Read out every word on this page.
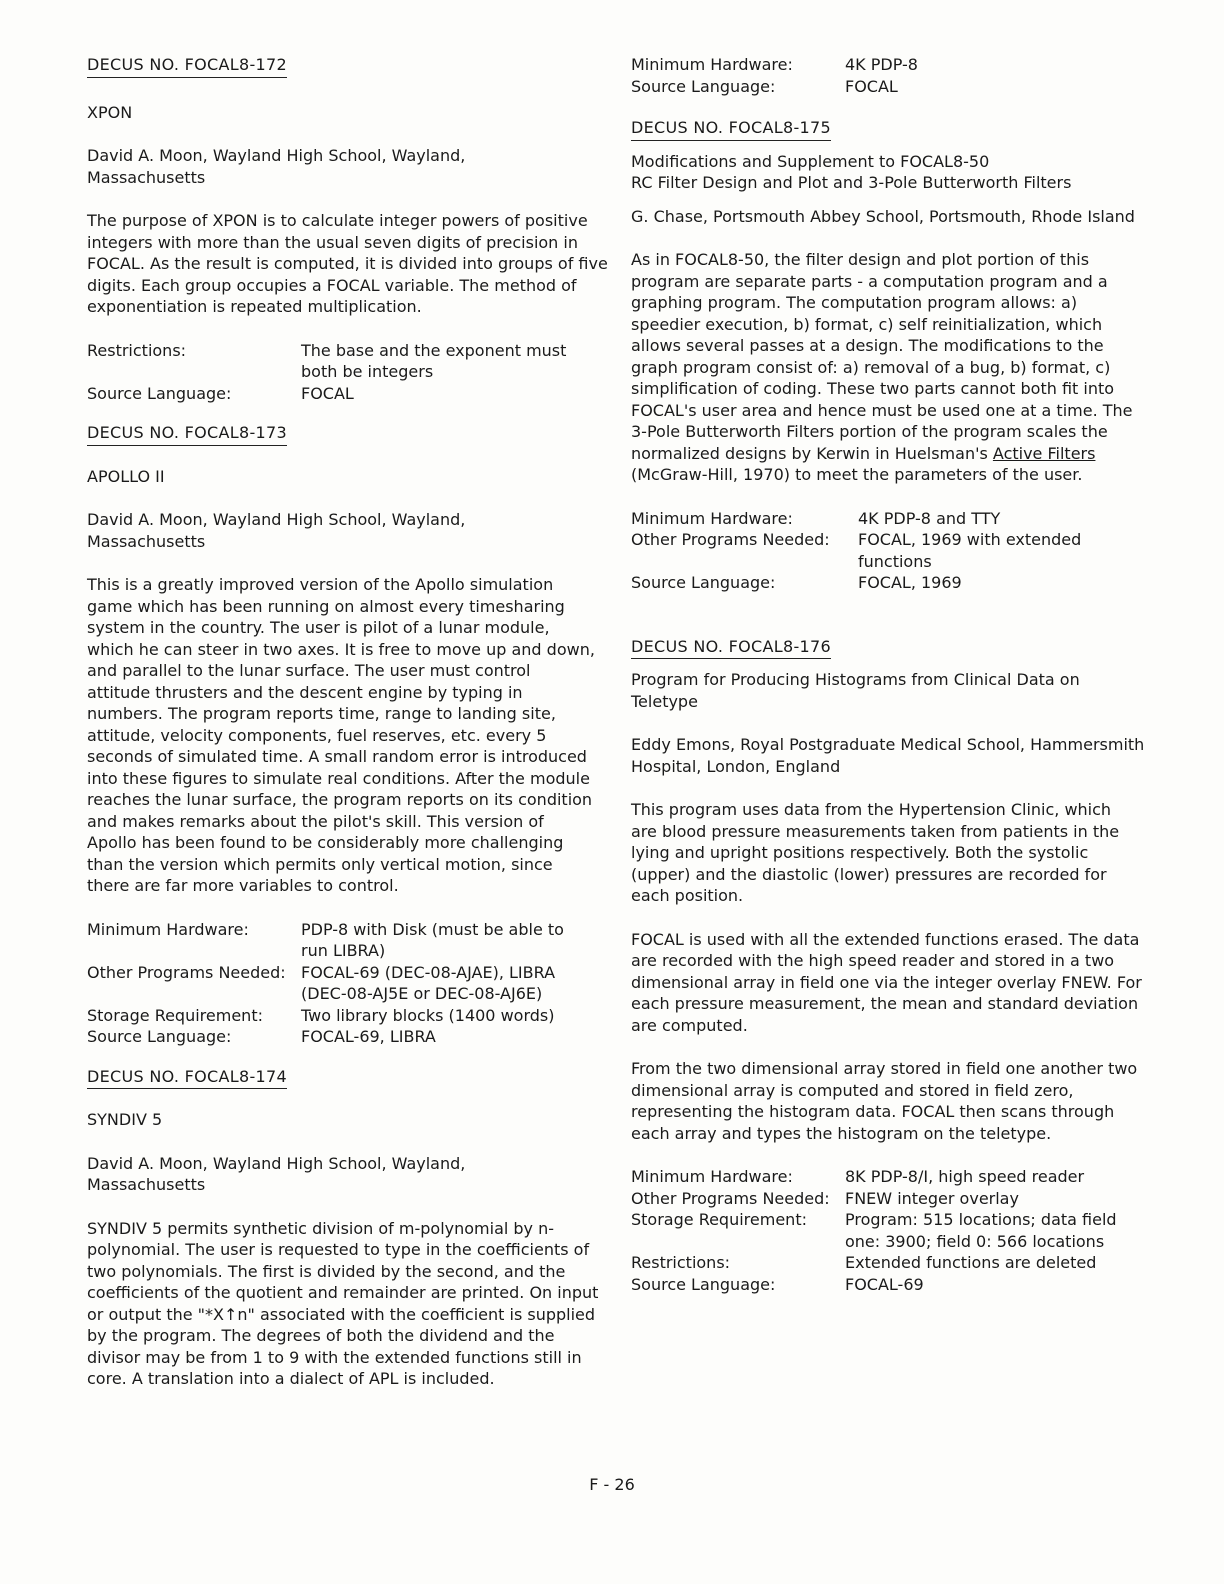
DECUS NO. FOCAL8-172

XPON

David A. Moon, Wayland High School, Wayland, Massachusetts

The purpose of XPON is to calculate integer powers of positive integers with more than the usual seven digits of precision in FOCAL. As the result is computed, it is divided into groups of five digits. Each group occupies a FOCAL variable. The method of exponentiation is repeated multiplication.

Restrictions:	The base and the exponent must both be integers
Source Language:	FOCAL
DECUS NO. FOCAL8-173

APOLLO II

David A. Moon, Wayland High School, Wayland, Massachusetts

This is a greatly improved version of the Apollo simulation game which has been running on almost every timesharing system in the country. The user is pilot of a lunar module, which he can steer in two axes. It is free to move up and down, and parallel to the lunar surface. The user must control attitude thrusters and the descent engine by typing in numbers. The program reports time, range to landing site, attitude, velocity components, fuel reserves, etc. every 5 seconds of simulated time. A small random error is introduced into these figures to simulate real conditions. After the module reaches the lunar surface, the program reports on its condition and makes remarks about the pilot's skill. This version of Apollo has been found to be considerably more challenging than the version which permits only vertical motion, since there are far more variables to control.

Minimum Hardware:	PDP-8 with Disk (must be able to run LIBRA)
Other Programs Needed:	FOCAL-69 (DEC-08-AJAE), LIBRA (DEC-08-AJ5E or DEC-08-AJ6E)
Storage Requirement:	Two library blocks (1400 words)
Source Language:	FOCAL-69, LIBRA
DECUS NO. FOCAL8-174

SYNDIV 5

David A. Moon, Wayland High School, Wayland, Massachusetts

SYNDIV 5 permits synthetic division of m-polynomial by n-polynomial. The user is requested to type in the coefficients of two polynomials. The first is divided by the second, and the coefficients of the quotient and remainder are printed. On input or output the "*X↑n" associated with the coefficient is supplied by the program. The degrees of both the dividend and the divisor may be from 1 to 9 with the extended functions still in core. A translation into a dialect of APL is included.

Minimum Hardware:	4K PDP-8
Source Language:	FOCAL
DECUS NO. FOCAL8-175

Modifications and Supplement to FOCAL8-50

RC Filter Design and Plot and 3-Pole Butterworth Filters

G. Chase, Portsmouth Abbey School, Portsmouth, Rhode Island

As in FOCAL8-50, the filter design and plot portion of this program are separate parts - a computation program and a graphing program. The computation program allows: a) speedier execution, b) format, c) self reinitialization, which allows several passes at a design. The modifications to the graph program consist of: a) removal of a bug, b) format, c) simplification of coding. These two parts cannot both fit into FOCAL's user area and hence must be used one at a time. The 3-Pole Butterworth Filters portion of the program scales the normalized designs by Kerwin in Huelsman's Active Filters (McGraw-Hill, 1970) to meet the parameters of the user.

Minimum Hardware:	4K PDP-8 and TTY
Other Programs Needed:	FOCAL, 1969 with extended functions
Source Language:	FOCAL, 1969
DECUS NO. FOCAL8-176

Program for Producing Histograms from Clinical Data on Teletype

Eddy Emons, Royal Postgraduate Medical School, Hammersmith Hospital, London, England

This program uses data from the Hypertension Clinic, which are blood pressure measurements taken from patients in the lying and upright positions respectively. Both the systolic (upper) and the diastolic (lower) pressures are recorded for each position.

FOCAL is used with all the extended functions erased. The data are recorded with the high speed reader and stored in a two dimensional array in field one via the integer overlay FNEW. For each pressure measurement, the mean and standard deviation are computed.

From the two dimensional array stored in field one another two dimensional array is computed and stored in field zero, representing the histogram data. FOCAL then scans through each array and types the histogram on the teletype.

Minimum Hardware:	8K PDP-8/I, high speed reader
Other Programs Needed:	FNEW integer overlay
Storage Requirement:	Program: 515 locations; data field one: 3900; field 0: 566 locations
Restrictions:	Extended functions are deleted
Source Language:	FOCAL-69
F - 26
